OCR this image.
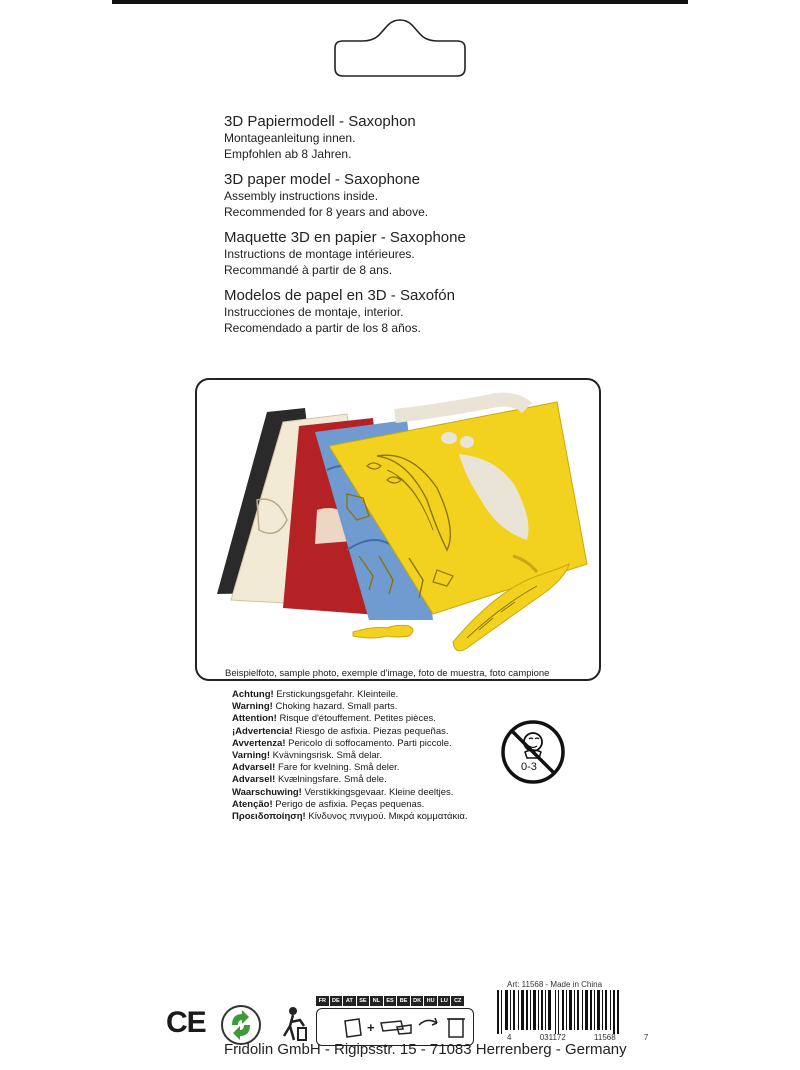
3D Papiermodell - Saxophon
Montageanleitung innen.
Empfohlen ab 8 Jahren.
3D paper model - Saxophone
Assembly instructions inside.
Recommended for 8 years and above.
Maquette 3D en papier - Saxophone
Instructions de montage intérieures.
Recommandé à partir de 8 ans.
Modelos de papel en 3D - Saxofón
Instrucciones de montaje, interior.
Recomendado a partir de los 8 años.
Beispielfoto, sample photo, exemple d'image, foto de muestra, foto campione
Achtung! Erstickungsgefahr. Kleinteile.
Warning! Choking hazard. Small parts.
Attention! Risque d'étouffement. Petites pièces.
¡Advertencia! Riesgo de asfixia. Piezas pequeñas.
Avvertenza! Pericolo di soffocamento. Parti piccole.
Varning! Kvävningsrisk. Små delar.
Advarsel! Fare for kvelning. Små deler.
Advarsel! Kvælningsfare. Små dele.
Waarschuwing! Verstikkingsgevaar. Kleine deeltjes.
Atenção! Perigo de asfixia. Peças pequenas.
Προειδοποίηση! Κίνδυνος πνιγμού. Μικρά κομματάκια.
0-3
Art: 11568 - Made in China
4	031172	11568	7
CE
FR	DE	AT	SE	NL	ES	BE	DK	HU	LU	CZ
+
Fridolin GmbH - Rigipsstr. 15 - 71083 Herrenberg - Germany
